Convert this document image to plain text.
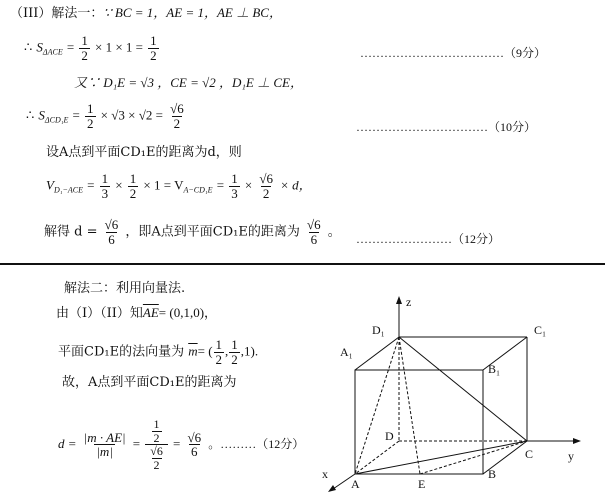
（III）解法一：∵ BC = 1，AE = 1，AE ⊥ BC，
∴ $S_{\Delta ACE} = \frac{1}{2} \times 1 \times 1 = \frac{1}{2}$	………………………………（9分）
又∵ D₁E = √3 ，CE = √2 ，D₁E ⊥ CE，
∴ $S_{\Delta CD_1E} = \frac{1}{2} \times √3 \times √2 = \frac{√6}{2}$	……………………………（10分）
设A点到平面CD₁E的距离为d，则
$V_{D_1-ACE} = \frac{1}{3} \times \frac{1}{2} \times 1 = V_{A-CD_1E} = \frac{1}{3} \times \frac{√6}{2} \times d$，
解得 $d = \frac{√6}{6}$ ，即A点到平面CD₁E的距离为 $\frac{√6}{6}$ 。 ……………………（12分）
解法二：利用向量法.
由（I）（II）知$\overline{AE}= (0,1,0)$，
平面CD₁E的法向量为 $\overline{m}=$ ( $\frac{1}{2}$ , $\frac{1}{2} ,1$).
故，A点到平面CD₁E的距离为
$d = \frac{|m \cdot AE|}{|m|} = \frac{\frac{1}{2}}{\frac{√6}{2}} = \frac{√6}{6}$ 。………（12分）
z
D₁	C₁
A₁
B₁
D
C	y
x
A	E
B
